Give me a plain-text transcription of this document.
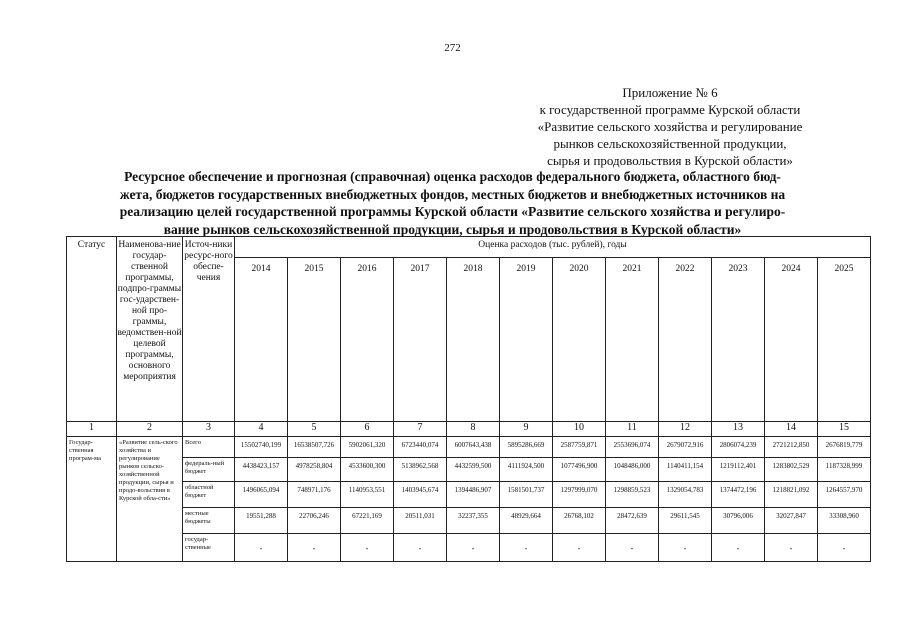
272
Приложение № 6
к государственной программе Курской области
«Развитие сельского хозяйства и регулирование
рынков сельскохозяйственной продукции,
сырья и продовольствия в Курской области»
Ресурсное обеспечение и прогнозная (справочная) оценка расходов федерального бюджета, областного бюд-
жета, бюджетов государственных внебюджетных фондов, местных бюджетов и внебюджетных источников на
реализацию целей государственной программы Курской области «Развитие сельского хозяйства и регулиро-
вание рынков сельскохозяйственной продукции, сырья и продовольствия в Курской области»
Статус	Наименова-ние государ-ственной программы, подпро-граммы гос-ударствен-ной про-граммы, ведомствен-ной целевой программы, основного мероприятия	Источ-ники ресурс-ного обеспе-чения	Оценка расходов (тыс. рублей), годы											
			2014	2015	2016	2017	2018	2019	2020	2021	2022	2023	2024	2025
1	2	3	4	5	6	7	8	9	10	11	12	13	14	15
Государ-ственная програм-ма	«Развитие сель-ского хозяйства и регулирование рынков сельско-хозяйственной продукции, сырья и продо-вольствия в Курской обла-сти»	Всего	15502740,199	16538507,726	5902061,320	6723440,074	6007643,438	5895286,669	2587759,871	2553696,074	2679072,916	2806074,239	2721212,850	2676819,779
		федераль-ный бюджет	4438423,157	4978258,804	4533600,300	5138962,568	4432599,500	4111924,500	1077496,900	1048486,000	1140411,154	1219112,401	1283802,529	1187328,999
		областной бюджет	1496065,094	748971,176	1140953,551	1403945,674	1394486,907	1581501,737	1297999,070	1298859,523	1329054,783	1374472,196	1218821,092	1264557,970
		местные бюджеты	19551,288	22706,246	67221,169	20511,031	32237,355	48929,664	26768,102	28472,639	29611,545	30796,006	32027,847	33308,960
		государ-ственные	-	-	-	-	-	-	-	-	-	-	-	-
